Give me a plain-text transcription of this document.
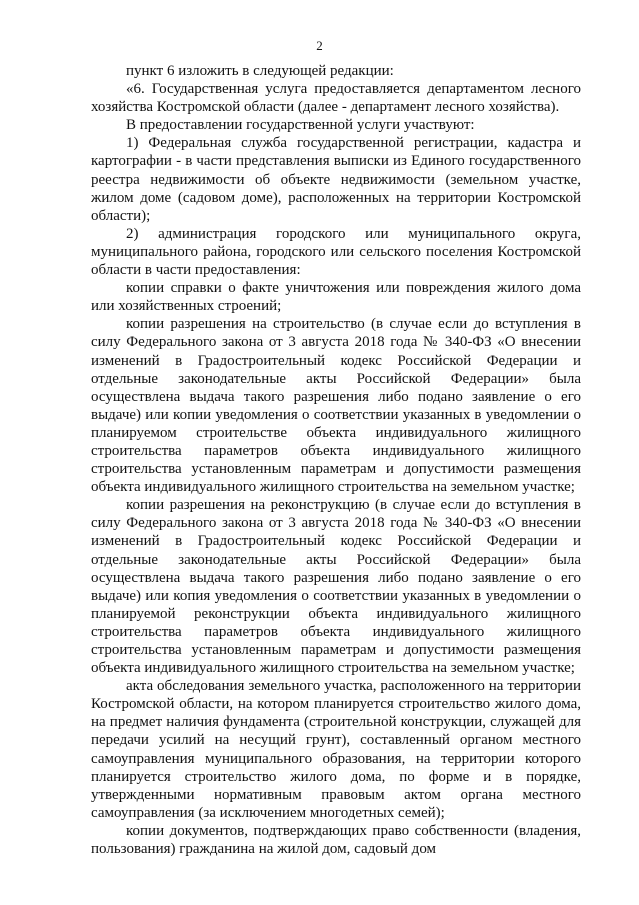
2

пункт 6 изложить в следующей редакции:

«6. Государственная услуга предоставляется департаментом лесного хозяйства Костромской области (далее - департамент лесного хозяйства).

В предоставлении государственной услуги участвуют:

1) Федеральная служба государственной регистрации, кадастра и картографии - в части представления выписки из Единого государственного реестра недвижимости об объекте недвижимости (земельном участке, жилом доме (садовом доме), расположенных на территории Костромской области);

2) администрация городского или муниципального округа, муниципального района, городского или сельского поселения Костромской области в части предоставления:

копии справки о факте уничтожения или повреждения жилого дома или хозяйственных строений;

копии разрешения на строительство (в случае если до вступления в силу Федерального закона от 3 августа 2018 года № 340-ФЗ «О внесении изменений в Градостроительный кодекс Российской Федерации и отдельные законодательные акты Российской Федерации» была осуществлена выдача такого разрешения либо подано заявление о его выдаче) или копии уведомления о соответствии указанных в уведомлении о планируемом строительстве объекта индивидуального жилищного строительства параметров объекта индивидуального жилищного строительства установленным параметрам и допустимости размещения объекта индивидуального жилищного строительства на земельном участке;

копии разрешения на реконструкцию (в случае если до вступления в силу Федерального закона от 3 августа 2018 года № 340-ФЗ «О внесении изменений в Градостроительный кодекс Российской Федерации и отдельные законодательные акты Российской Федерации» была осуществлена выдача такого разрешения либо подано заявление о его выдаче) или копия уведомления о соответствии указанных в уведомлении о планируемой реконструкции объекта индивидуального жилищного строительства параметров объекта индивидуального жилищного строительства установленным параметрам и допустимости размещения объекта индивидуального жилищного строительства на земельном участке;

акта обследования земельного участка, расположенного на территории Костромской области, на котором планируется строительство жилого дома, на предмет наличия фундамента (строительной конструкции, служащей для передачи усилий на несущий грунт), составленный органом местного самоуправления муниципального образования, на территории которого планируется строительство жилого дома, по форме и в порядке, утвержденными нормативным правовым актом органа местного самоуправления (за исключением многодетных семей);

копии документов, подтверждающих право собственности (владения, пользования) гражданина на жилой дом, садовый дом
